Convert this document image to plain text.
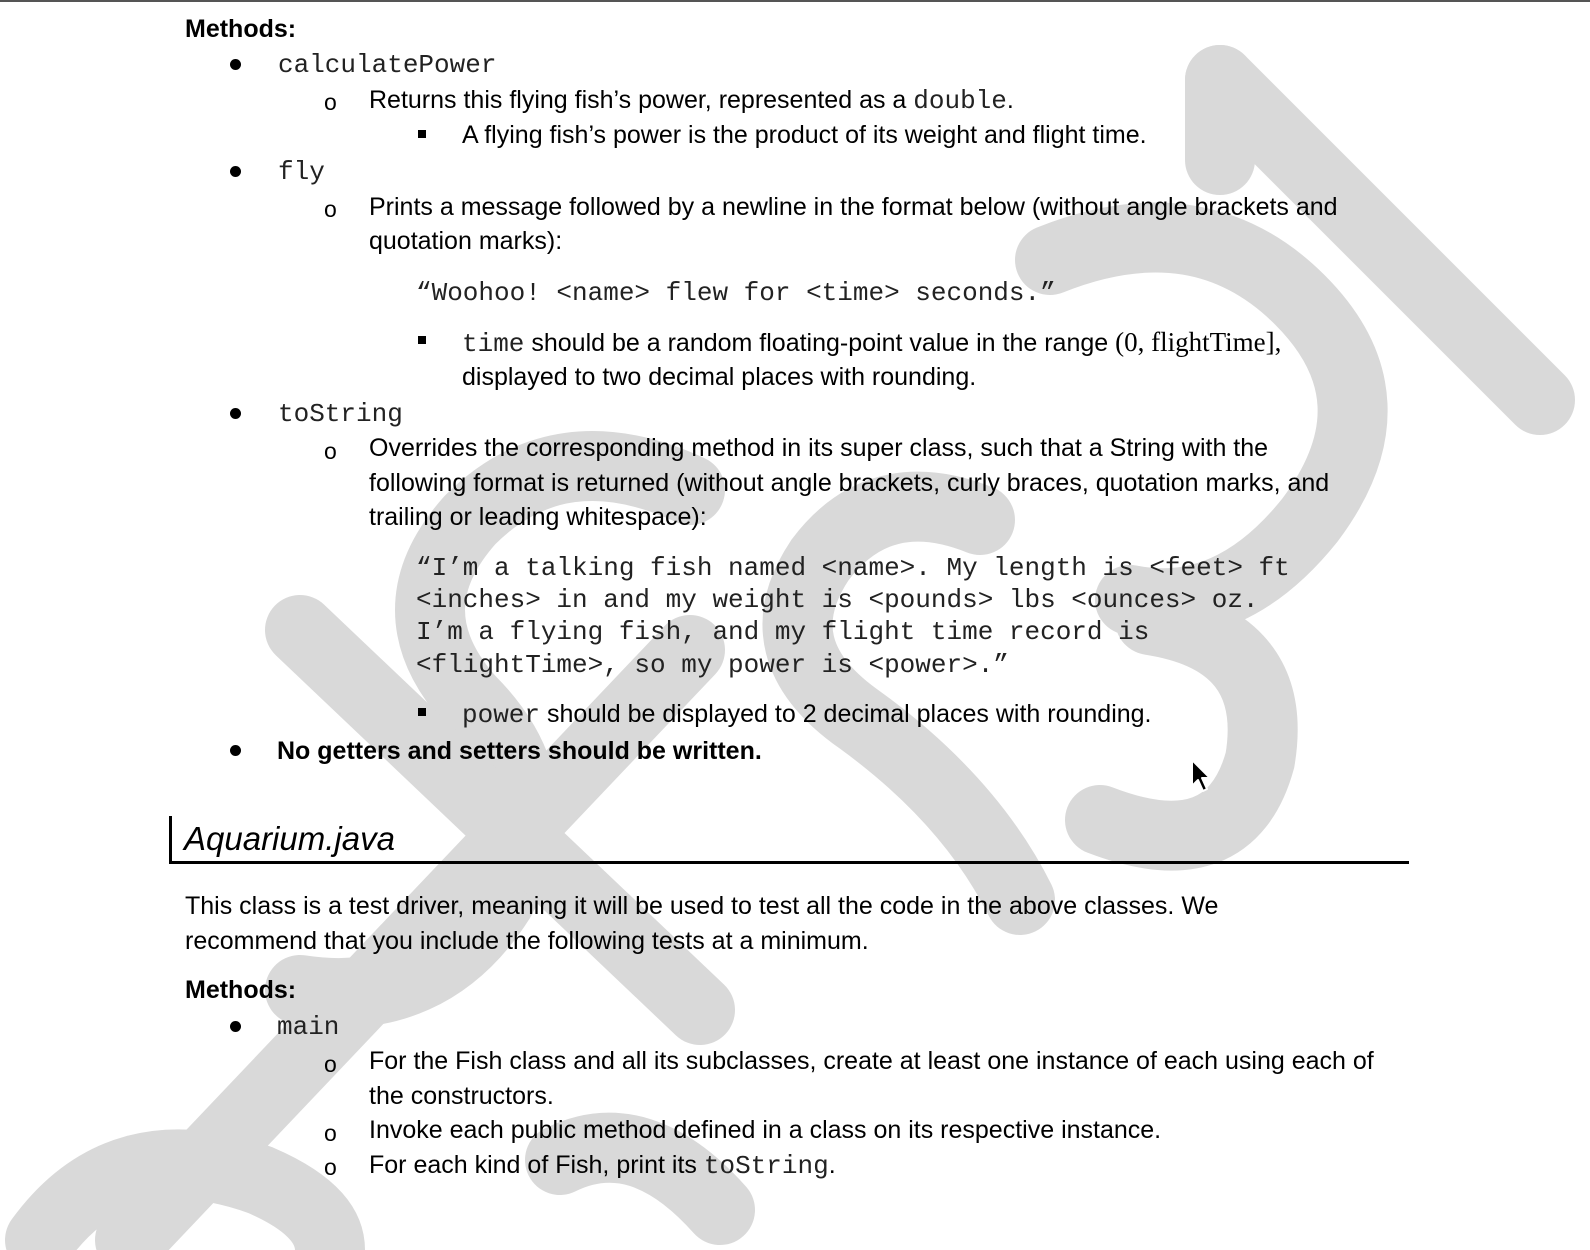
Methods:
calculatePower
o Returns this flying fish’s power, represented as a double.
A flying fish’s power is the product of its weight and flight time.
fly
o Prints a message followed by a newline in the format below (without angle brackets and
quotation marks):
“Woohoo! <name> flew for <time> seconds.”
time should be a random floating-point value in the range (0, flightTime],
displayed to two decimal places with rounding.
toString
o Overrides the corresponding method in its super class, such that a String with the
following format is returned (without angle brackets, curly braces, quotation marks, and
trailing or leading whitespace):
“I’m a talking fish named <name>. My length is <feet> ft
<inches> in and my weight is <pounds> lbs <ounces> oz.
I’m a flying fish, and my flight time record is
<flightTime>, so my power is <power>.”
power should be displayed to 2 decimal places with rounding.
No getters and setters should be written.
Aquarium.java
This class is a test driver, meaning it will be used to test all the code in the above classes. We
recommend that you include the following tests at a minimum.
Methods:
main
o For the Fish class and all its subclasses, create at least one instance of each using each of
the constructors.
o Invoke each public method defined in a class on its respective instance.
o For each kind of Fish, print its toString.
